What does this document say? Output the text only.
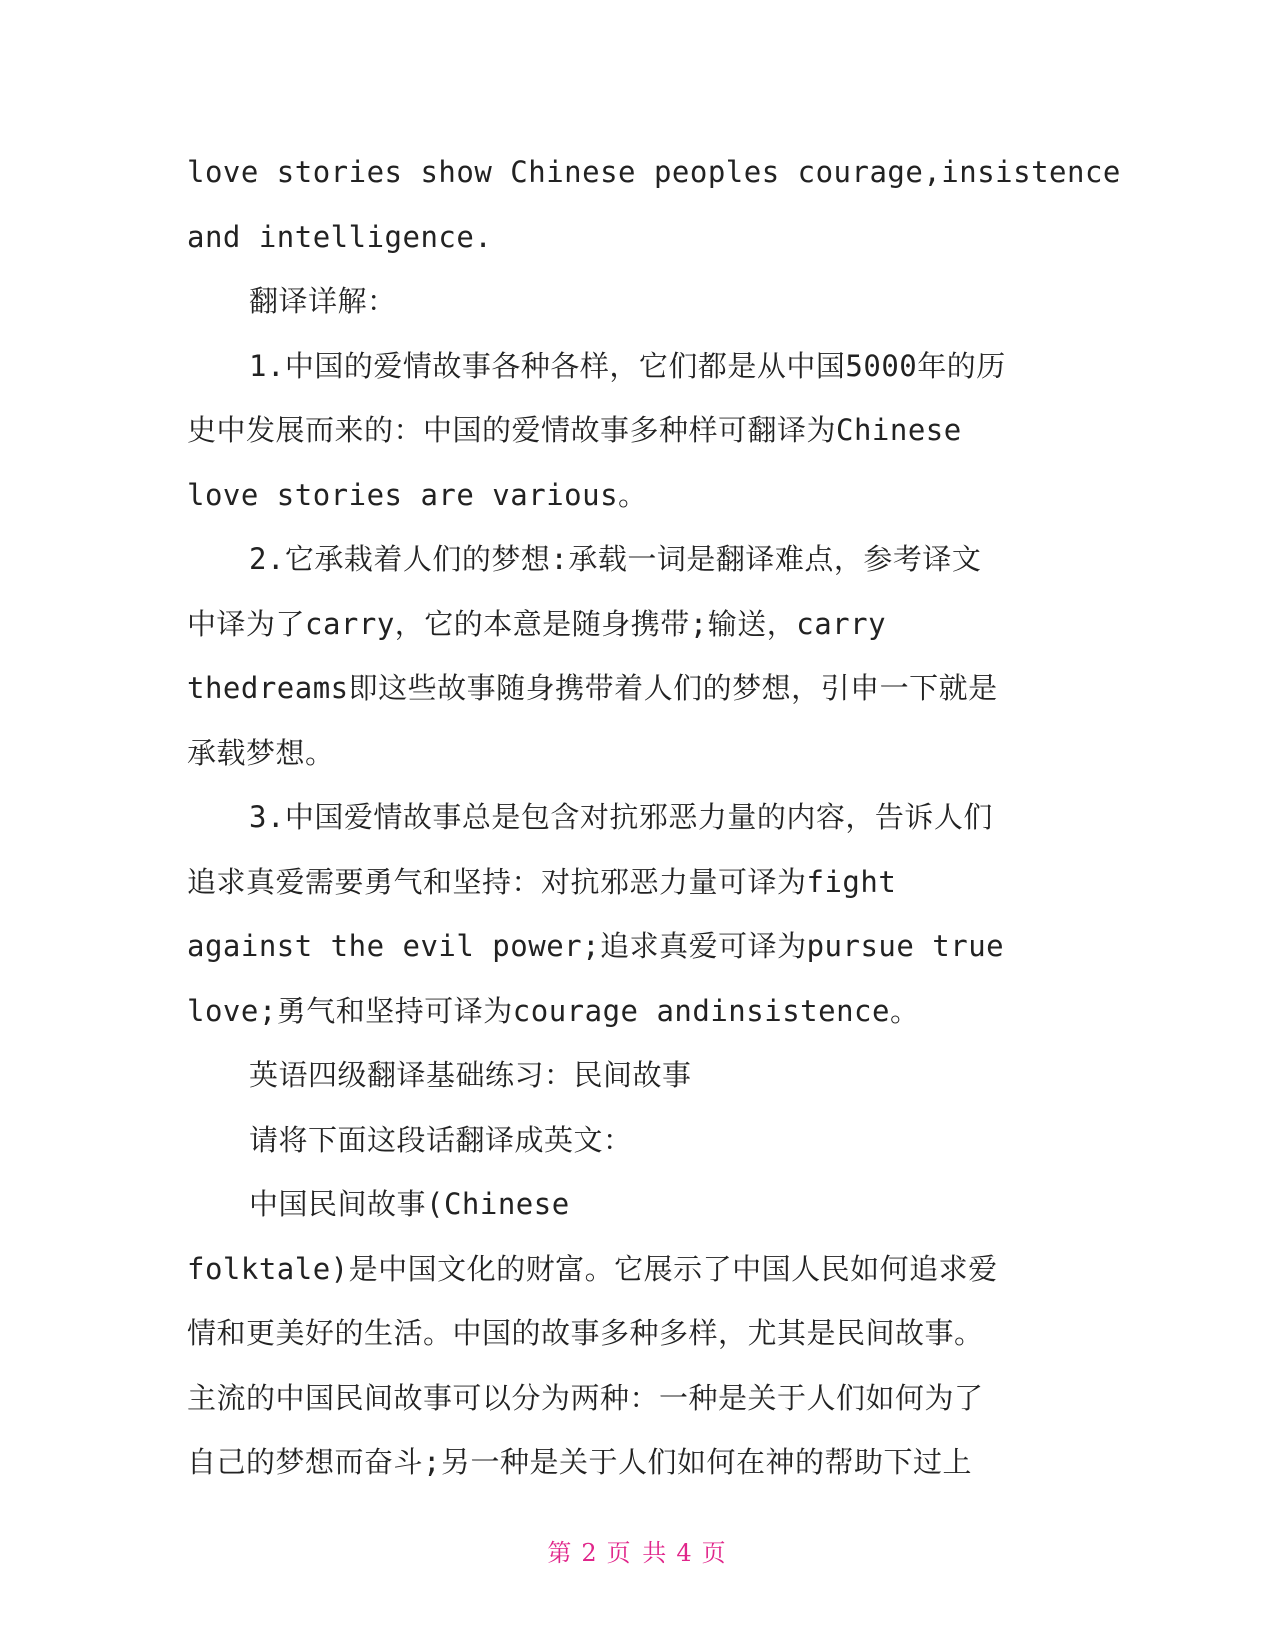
love stories show Chinese peoples courage,insistence
and intelligence.
翻译详解：
1.中国的爱情故事各种各样，它们都是从中国5000年的历
史中发展而来的：中国的爱情故事多种样可翻译为Chinese
love stories are various。
2.它承栽着人们的梦想:承载一词是翻译难点，参考译文
中译为了carry，它的本意是随身携带;输送，carry
thedreams即这些故事随身携带着人们的梦想，引申一下就是
承载梦想。
3.中国爱情故事总是包含对抗邪恶力量的内容，告诉人们
追求真爱需要勇气和坚持：对抗邪恶力量可译为fight
against the evil power;追求真爱可译为pursue true
love;勇气和坚持可译为courage andinsistence。
英语四级翻译基础练习：民间故事
请将下面这段话翻译成英文：
中国民间故事(Chinese
folktale)是中国文化的财富。它展示了中国人民如何追求爱
情和更美好的生活。中国的故事多种多样，尤其是民间故事。
主流的中国民间故事可以分为两种：一种是关于人们如何为了
自己的梦想而奋斗;另一种是关于人们如何在神的帮助下过上
第 2 页 共 4 页
